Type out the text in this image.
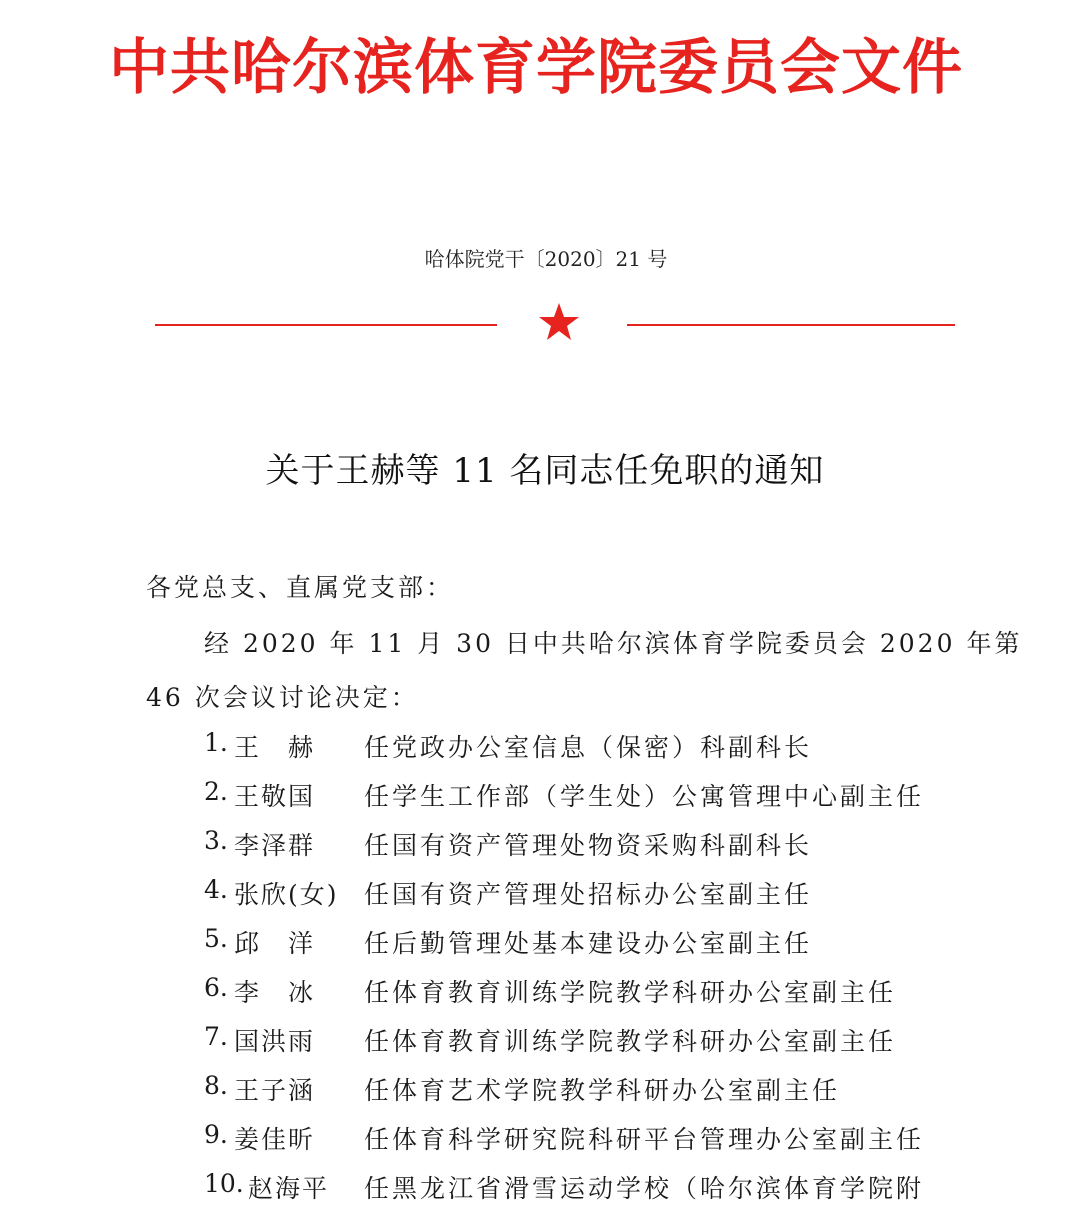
中共哈尔滨体育学院委员会文件
哈体院党干〔2020〕21 号
关于王赫等 11 名同志任免职的通知
各党总支、直属党支部：
经 2020 年 11 月 30 日中共哈尔滨体育学院委员会 2020 年第
46 次会议讨论决定：
1. 王　赫 任党政办公室信息（保密）科副科长
2. 王敬国 任学生工作部（学生处）公寓管理中心副主任
3. 李泽群 任国有资产管理处物资采购科副科长
4. 张欣(女) 任国有资产管理处招标办公室副主任
5. 邱　洋 任后勤管理处基本建设办公室副主任
6. 李　冰 任体育教育训练学院教学科研办公室副主任
7. 国洪雨 任体育教育训练学院教学科研办公室副主任
8. 王子涵 任体育艺术学院教学科研办公室副主任
9. 姜佳昕 任体育科学研究院科研平台管理办公室副主任
10. 赵海平 任黑龙江省滑雪运动学校（哈尔滨体育学院附
